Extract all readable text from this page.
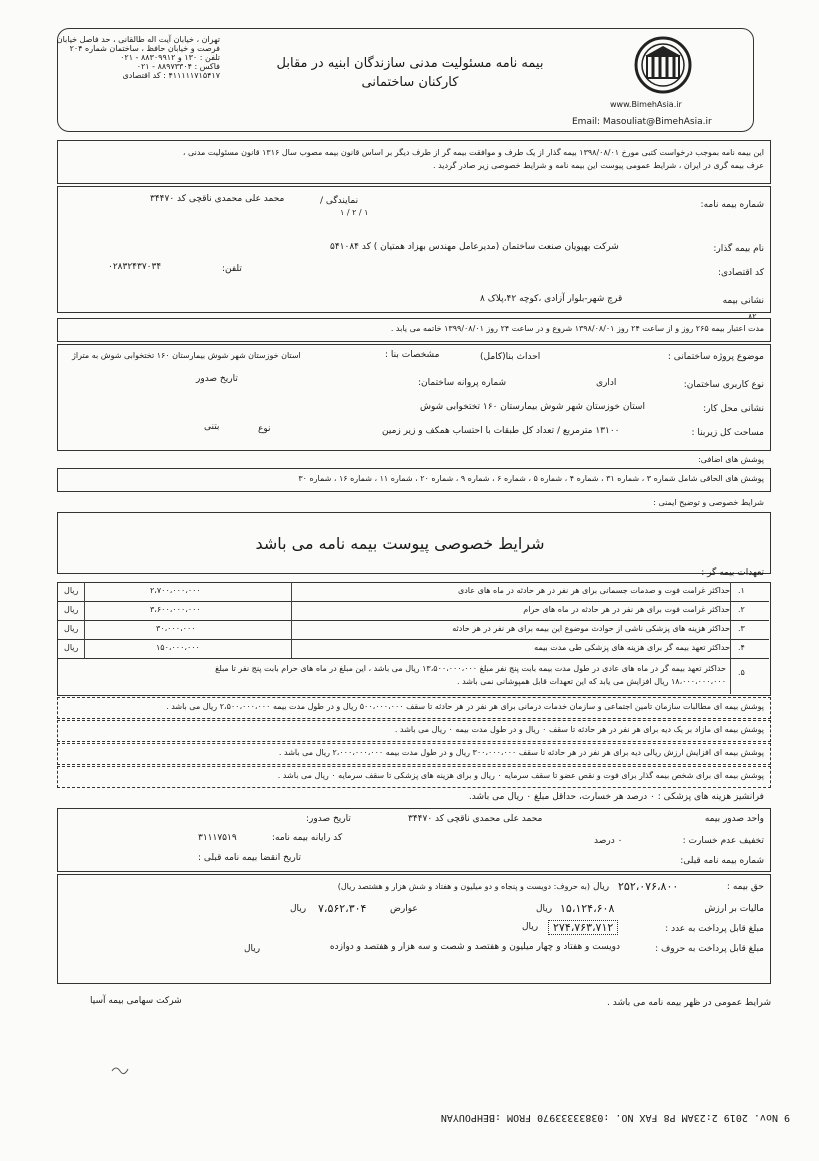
www.BimehAsia.ir
بیمه نامه مسئولیت مدنی سازندگان ابنیه در مقابل
کارکنان ساختمانی
تهران ، خیابان آیت اله طالقانی ، حد فاصل خیابان
فرصت و خیابان حافظ ، ساختمان شماره ۲۰۴
تلفن : ۱۳۰ و ۸۸۳۰۹۹۱۲ - ۰۲۱
فاکس : ۸۸۹۷۳۳۰۴ - ۰۲۱
۴۱۱۱۱۱۷۱۵۴۱۷ : کد اقتصادی
Email: Masouliat@BimehAsia.ir
این بیمه نامه بموجب درخواست کتبی مورخ ۱۳۹۸/۰۸/۰۱ بیمه گذار از یک طرف و موافقت بیمه گر از طرف دیگر بر اساس قانون بیمه مصوب سال ۱۳۱۶ قانون مسئولیت مدنی ،
عرف بیمه گری در ایران ، شرایط عمومی پیوست این بیمه نامه و شرایط خصوصی زیر صادر گردید .
شماره بیمه نامه:
نمایندگی /
۱ / ۲ / ۱
محمد علی محمدی ناقچی کد ۳۴۴۷۰
نام بیمه گذار:
شرکت بهپویان صنعت ساختمان (مدیرعامل مهندس بهزاد همتیان ) کد ۵۴۱۰۸۴
تلفن:
۰۲۸۳۲۴۳۷۰۳۴
کد اقتصادی:
نشانی بیمه
قرچ شهر-بلوار آزادی ،کوچه ۴۲،پلاک ۸
۸۲
مدت اعتبار بیمه ۲۶۵ روز و از ساعت ۲۴ روز ۱۳۹۸/۰۸/۰۱ شروع و در ساعت ۲۴ روز ۱۳۹۹/۰۸/۰۱ خاتمه می یابد .
موضوع پروژه ساختمانی :
احداث بنا(کامل)
مشخصات بنا :
استان خوزستان شهر شوش بیمارستان ۱۶۰ تختخوابی شوش به متراژ
نوع کاربری ساختمان:
اداری
شماره پروانه ساختمان:
تاریخ صدور
نشانی محل کار:
استان خوزستان شهر شوش بیمارستان ۱۶۰ تختخوابی شوش
مساحت کل زیربنا :
۱۳۱۰۰ مترمربع / تعداد کل طبقات با احتساب همکف و زیر زمین
نوع
بتنی
پوشش های اضافی:
پوشش های الحاقی شامل شماره ۳ ، شماره ۳۱ ، شماره ۴ ، شماره ۵ ، شماره ۶ ، شماره ۹ ، شماره ۲۰ ، شماره ۱۱ ، شماره ۱۶ ، شماره ۳۰
شرایط خصوصی و توضیح ایمنی :
شرایط خصوصی پیوست بیمه نامه می باشد
تعهدات بیمه گر :
۱.
حداکثر غرامت فوت و صدمات جسمانی برای هر نفر در هر حادثه در ماه های عادی
۲،۷۰۰،۰۰۰،۰۰۰
ریال
۲.
حداکثر غرامت فوت برای هر نفر در هر حادثه در ماه های حرام
۳،۶۰۰،۰۰۰،۰۰۰
ریال
۳.
حداکثر هزینه های پزشکی ناشی از حوادث موضوع این بیمه برای هر نفر در هر حادثه
۳۰،۰۰۰،۰۰۰
ریال
۴.
حداکثر تعهد بیمه گر برای هزینه های پزشکی طی مدت بیمه
۱۵۰،۰۰۰،۰۰۰
ریال
۵.
حداکثر تعهد بیمه گر در ماه های عادی در طول مدت بیمه بابت پنج نفر مبلغ ۱۳،۵۰۰،۰۰۰،۰۰۰ ریال می باشد ، این مبلغ در ماه های حرام بابت پنج نفر تا مبلغ
۱۸،۰۰۰،۰۰۰،۰۰۰ ریال افزایش می یابد که این تعهدات قابل همپوشانی نمی باشد .
پوشش بیمه ای مطالبات سازمان تامین اجتماعی و سازمان خدمات درمانی برای هر نفر در هر حادثه تا سقف ۵۰۰،۰۰۰،۰۰۰ ریال و در طول مدت بیمه ۲،۵۰۰،۰۰۰،۰۰۰ ریال می باشد .
پوشش بیمه ای مازاد بر یک دیه برای هر نفر در هر حادثه تا سقف ۰ ریال و در طول مدت بیمه ۰ ریال می باشد .
پوشش بیمه ای افزایش ارزش ریالی دیه برای هر نفر در هر حادثه تا سقف ۳۰۰،۰۰۰،۰۰۰ ریال و در طول مدت بیمه ۲،۰۰۰،۰۰۰،۰۰۰ ریال می باشد .
پوشش بیمه ای برای شخص بیمه گذار برای فوت و نقص عضو تا سقف سرمایه ۰ ریال و برای هزینه های پزشکی تا سقف سرمایه ۰ ریال می باشد .
فرانشیز هزینه های پزشکی : ۰ درصد هر خسارت، حداقل مبلغ ۰ ریال می باشد.
واحد صدور بیمه
محمد علی محمدی ناقچی کد ۳۴۴۷۰
تاریخ صدور:
تخفیف عدم خسارت :
۰ درصد
کد رایانه بیمه نامه:
۳۱۱۱۷۵۱۹
شماره بیمه نامه قبلی:
تاریخ انقضا بیمه نامه قبلی :
حق بیمه :
۲۵۲،۰۷۶،۸۰۰
ریال
(به حروف: دویست و پنجاه و دو میلیون و هفتاد و شش هزار و هشتصد ریال)
مالیات بر ارزش
۱۵،۱۲۴،۶۰۸
ریال
عوارض
۷،۵۶۲،۳۰۴
ریال
مبلغ قابل پرداخت به عدد :
۲۷۴،۷۶۳،۷۱۲
ریال
مبلغ قابل پرداخت به حروف :
دویست و هفتاد و چهار میلیون و هفتصد و شصت و سه هزار و هفتصد و دوازده
ریال
شرایط عمومی در ظهر بیمه نامه می باشد .
شرکت سهامی بیمه آسیا
9 Nov. 2019 2:23AM P8 FAX NO. :03833333970 FROM :BEHPOUYAN
